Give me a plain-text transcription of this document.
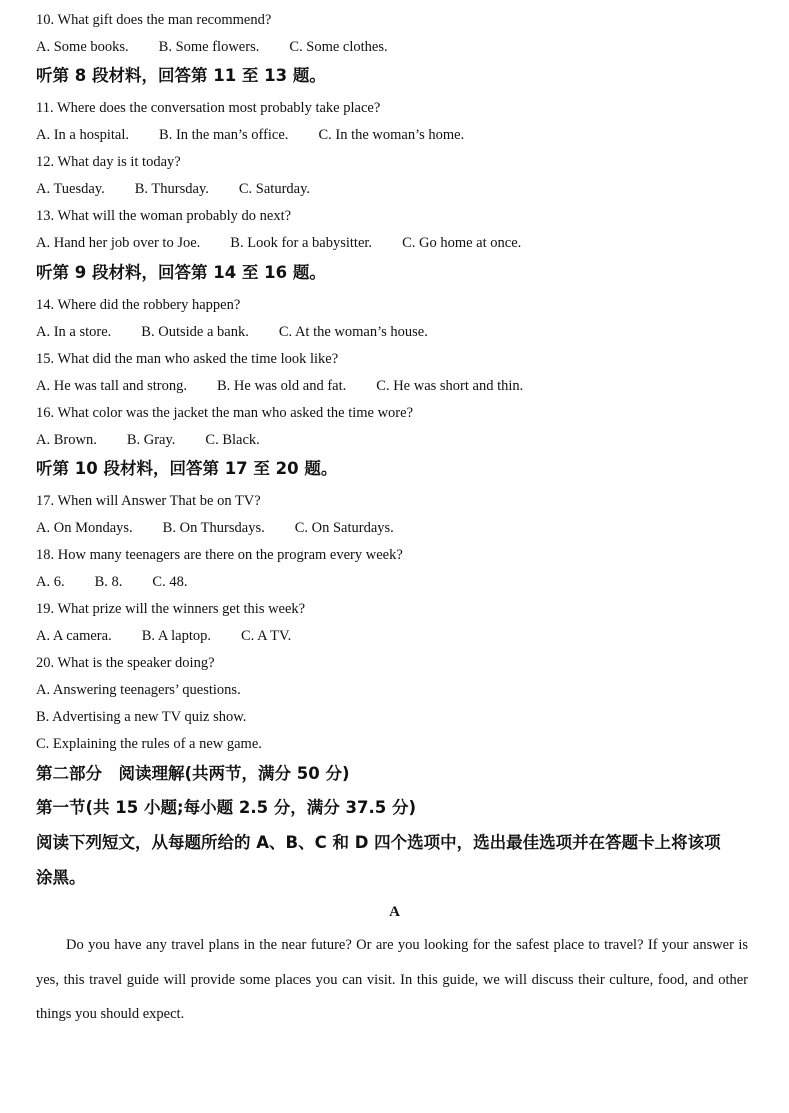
10. What gift does the man recommend?
A. Some books. B. Some flowers. C. Some clothes.
听第 8 段材料，回答第 11 至 13 题。
11. Where does the conversation most probably take place?
A. In a hospital. B. In the man’s office. C. In the woman’s home.
12. What day is it today?
A. Tuesday. B. Thursday. C. Saturday.
13. What will the woman probably do next?
A. Hand her job over to Joe. B. Look for a babysitter. C. Go home at once.
听第 9 段材料，回答第 14 至 16 题。
14. Where did the robbery happen?
A. In a store. B. Outside a bank. C. At the woman’s house.
15. What did the man who asked the time look like?
A. He was tall and strong. B. He was old and fat. C. He was short and thin.
16. What color was the jacket the man who asked the time wore?
A. Brown. B. Gray. C. Black.
听第 10 段材料，回答第 17 至 20 题。
17. When will Answer That be on TV?
A. On Mondays. B. On Thursdays. C. On Saturdays.
18. How many teenagers are there on the program every week?
A. 6. B. 8. C. 48.
19. What prize will the winners get this week?
A. A camera. B. A laptop. C. A TV.
20. What is the speaker doing?
A. Answering teenagers’ questions.
B. Advertising a new TV quiz show.
C. Explaining the rules of a new game.
第二部分　阅读理解(共两节，满分 50 分)
第一节(共 15 小题;每小题 2.5 分，满分 37.5 分)
阅读下列短文，从每题所给的 A、B、C 和 D 四个选项中，选出最佳选项并在答题卡上将该项
涂黑。
A
Do you have any travel plans in the near future? Or are you looking for the safest place to travel? If your answer is yes, this travel guide will provide some places you can visit. In this guide, we will discuss their culture, food, and other things you should expect.
